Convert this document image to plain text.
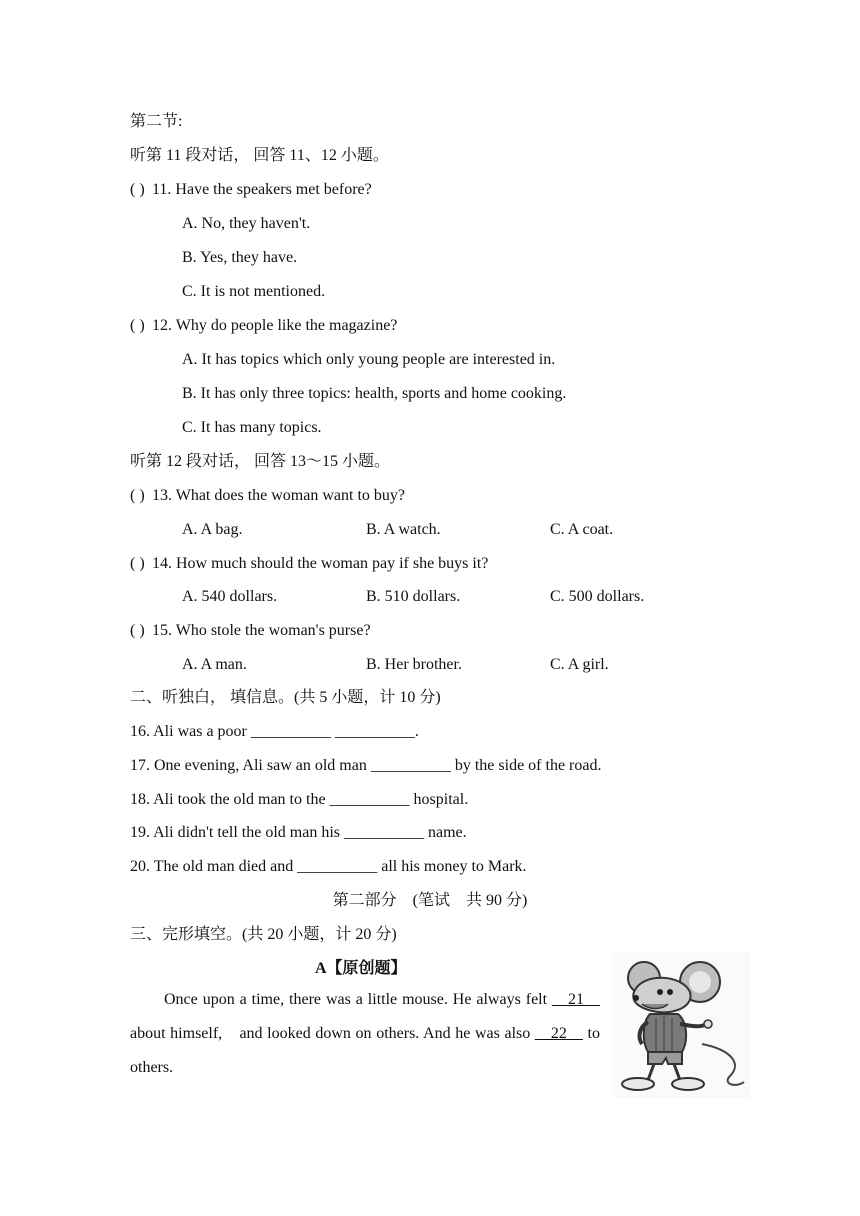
第二节:
听第 11 段对话， 回答 11、12 小题。
( ) 11. Have the speakers met before?
A. No, they haven't.
B. Yes, they have.
C. It is not mentioned.
( ) 12. Why do people like the magazine?
A. It has topics which only young people are interested in.
B. It has only three topics: health, sports and home cooking.
C. It has many topics.
听第 12 段对话， 回答 13～15 小题。
( ) 13. What does the woman want to buy?
A. A bag.	B. A watch.	C. A coat.
( ) 14. How much should the woman pay if she buys it?
A. 540 dollars.	B. 510 dollars.	C. 500 dollars.
( ) 15. Who stole the woman's purse?
A. A man.	B. Her brother.	C. A girl.
二、听独白， 填信息。(共 5 小题，计 10 分)
16. Ali was a poor __________ __________.
17. One evening, Ali saw an old man __________ by the side of the road.
18. Ali took the old man to the __________ hospital.
19. Ali didn't tell the old man his __________ name.
20. The old man died and __________ all his money to Mark.
第二部分　(笔试　共 90 分)
三、完形填空。(共 20 小题，计 20 分)
A【原创题】

Once upon a time, there was a little mouse. He always felt __21__ about himself,　and looked down on others. And he was also __22__ to others.
